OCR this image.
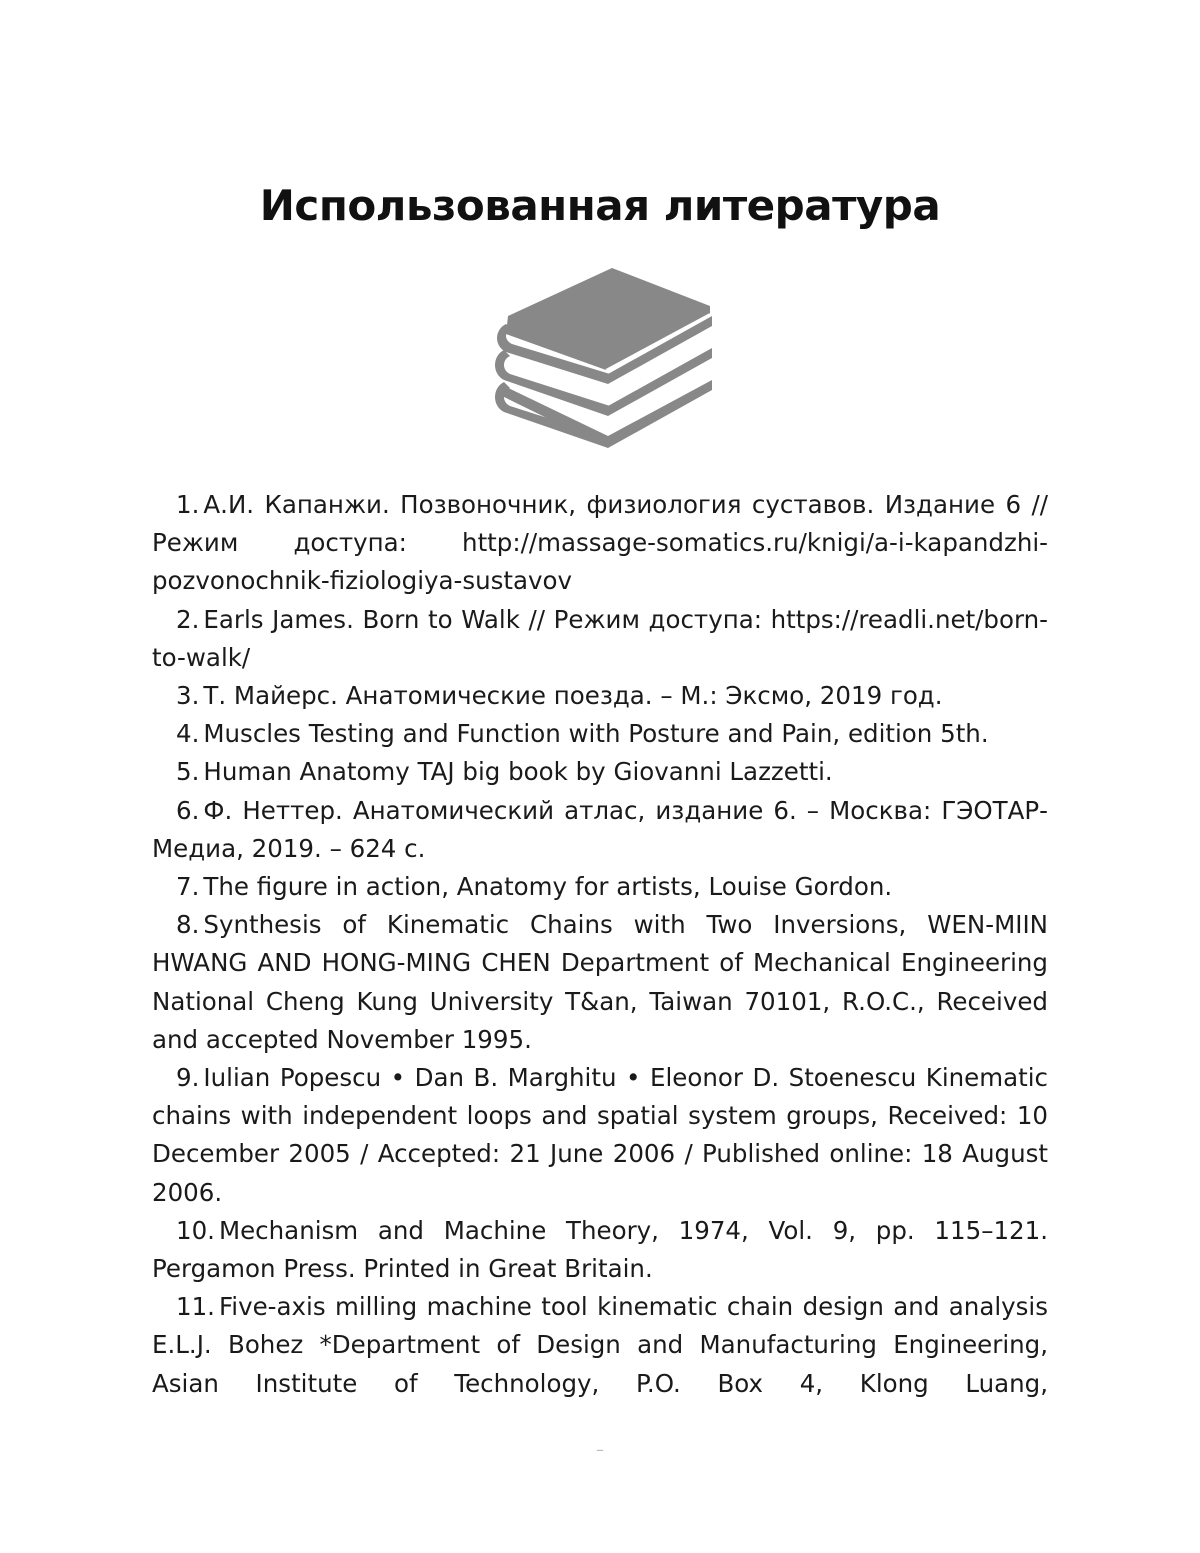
Использованная литература

1. А.И. Капанжи. Позвоночник, физиология суставов. Издание 6 // Режим доступа: http://massage-somatics.ru/knigi/a-i-kapandzhi-pozvonochnik-fiziologiya-sustavov

2. Earls James. Born to Walk // Режим доступа: https://readli.net/born-to-walk/

3. Т. Майерс. Анатомические поезда. – М.: Эксмо, 2019 год.

4. Muscles Testing and Function with Posture and Pain, edition 5th.

5. Human Anatomy TAJ big book by Giovanni Lazzetti.

6. Ф. Неттер. Анатомический атлас, издание 6. – Москва: ГЭОТАР-Медиа, 2019. – 624 с.

7. The figure in action, Anatomy for artists, Louise Gordon.

8. Synthesis of Kinematic Chains with Two Inversions, WEN-MIIN HWANG AND HONG-MING CHEN Department of Mechanical Engineering National Cheng Kung University T&an, Taiwan 70101, R.O.C., Received and accepted November 1995.

9. Iulian Popescu • Dan B. Marghitu • Eleonor D. Stoenescu Kinematic chains with independent loops and spatial system groups, Received: 10 December 2005 / Accepted: 21 June 2006 / Published online: 18 August 2006.

10. Mechanism and Machine Theory, 1974, Vol. 9, pp. 115–121. Pergamon Press. Printed in Great Britain.

11. Five-axis milling machine tool kinematic chain design and analysis E.L.J. Bohez *Department of Design and Manufacturing Engineering, Asian Institute of Technology, P.O. Box 4, Klong Luang,

–
